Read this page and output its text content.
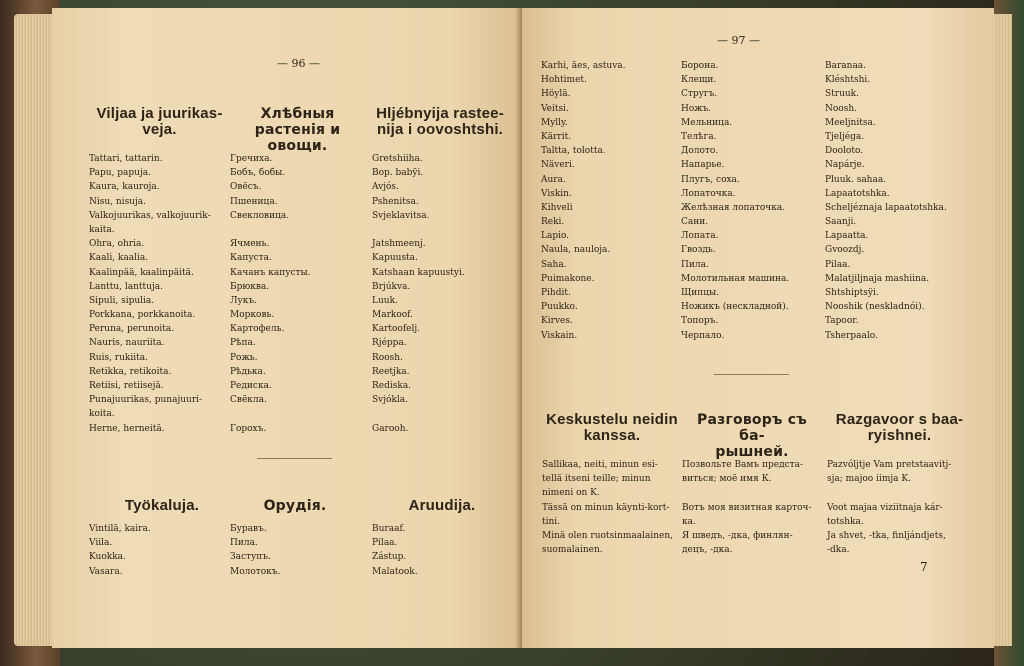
— 96 —
Viljaa ja juurikas-
veja.
Хлѣбныя растенія и
овощи.
Hljébnyija rastee-
nija i oovoshtshi.
Tattari, tattarin.
Papu, papuja.
Kaura, kauroja.
Nisu, nisuja.
Valkojuurikas, valkojuurik-
kaita.
Ohra, ohria.
Kaali, kaalia.
Kaalinpää, kaalinpäitä.
Lanttu, lanttuja.
Sipuli, sipulia.
Porkkana, porkkanoita.
Peruna, perunoita.
Nauris, nauriita.
Ruis, rukiita.
Retikka, retikoita.
Retiisi, retiisejä.
Punajuurikas, punajuuri-
koita.
Herne, herneitä.
Гречиха.
Бобъ, бобы.
Овёсъ.
Пшеница.
Свекловица.
Ячмень.
Капуста.
Качанъ капусты.
Брюква.
Лукъ.
Морковь.
Картофель.
Рѣпа.
Рожь.
Рѣдька.
Редиска.
Свёкла.
Горохъ.
Gretshiiha.
Bop. babÿi.
Avjós.
Pshenitsa.
Svjeklavitsa.
Jatshmeenj.
Kapuusta.
Katshaan kapuustyi.
Brjúkva.
Luuk.
Markoof.
Kartoofelj.
Rjéppa.
Roosh.
Reetjka.
Rediska.
Svjókla.
Garooh.
Työkaluja.	Орудія.	Aruudija.
Vintilä, kaira.
Viila.
Kuokka.
Vasara.
Буравъ.
Пила.
Заступъ.
Молотокъ.
Buraaf.
Pilaa.
Zástup.
Malatook.
— 97 —
Karhi, äes, astuva.
Hohtimet.
Höylä.
Veitsi.
Mylly.
Kärrit.
Taltta, tolotta.
Näveri.
Aura.
Viskin.
Kihveli
Reki.
Lapio.
Naula, nauloja.
Saha.
Puimakone.
Pihdit.
Puukko.
Kirves.
Viskain.
Борона.
Клещи.
Стругъ.
Ножъ.
Мельница.
Телѣга.
Долото.
Напарье.
Плугъ, соха.
Лопаточка.
Желѣзная лопаточка.
Сани.
Лопата.
Гвоздь.
Пила.
Молотильная машина.
Щипцы.
Ножикъ (нескладной).
Топоръ.
Черпало.
Baranaa.
Kléshtshi.
Struuk.
Noosh.
Meeljnitsa.
Tjeljéga.
Dooloto.
Napárje.
Pluuk. sahaa.
Lapaatotshka.
Scheljéznaja lapaatotshka.
Saanji.
Lapaatta.
Gvoozdj.
Pilaa.
Malatjiljnaja mashiina.
Shtshiptsÿi.
Nooshik (neskladnói).
Tapoor.
Tsherpaalo.
Keskustelu neidin
kanssa.
Разговоръ съ ба-
рышней.
Razgavoor s baa-
ryishnei.
Sallikaa, neiti, minun esi-
tellä itseni teille; minun
nimeni on K.
Tässä on minun käynti-kort-
tini.
Minä olen ruotsinmaalainen,
suomalainen.
Позвольте Вамъ предста-
виться; моё имя К.
Вотъ моя визитная карточ-
ка.
Я шведъ, -дка, финлян-
децъ, -дка.
Pazvóljtje Vam pretstaavitj-
sja; majoo iimja K.
Voot majaa viziitnaja kár-
totshka.
Ja shvet, -tka, finljándjets,
-dka.
7
